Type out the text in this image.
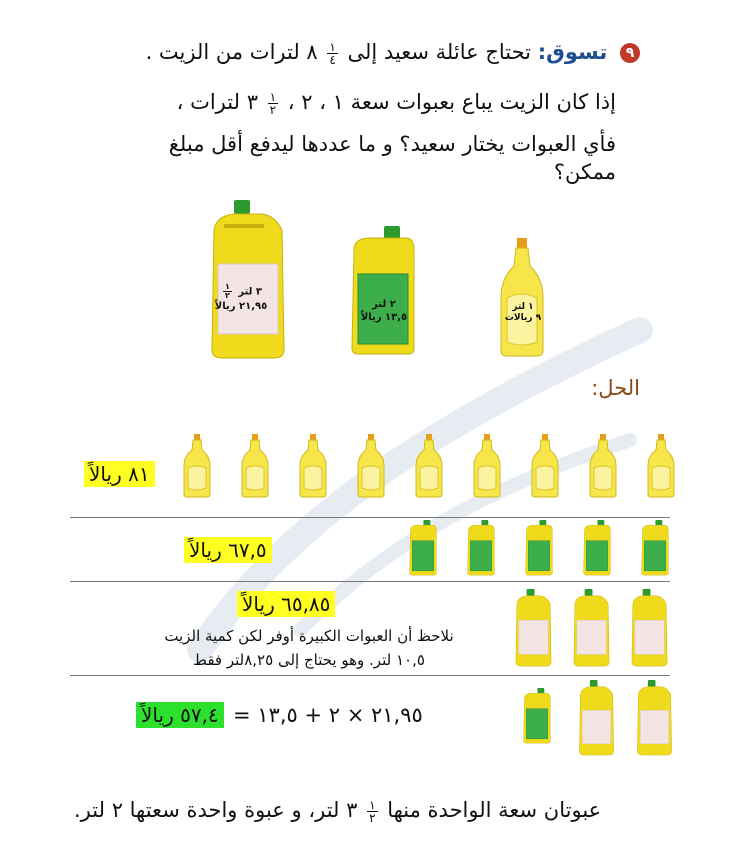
٩ تسوق: تحتاج عائلة سعيد إلى
$\frac{١}{٤}$
٨ لترات من الزيت .
إذا كان الزيت يباع بعبوات سعة ١ ، ٢ ،
$\frac{١}{٢}$
٣ لترات ،
فأي العبوات يختار سعيد؟ و ما عددها ليدفع أقل مبلغ
ممكن؟
٣ لتر
$\frac{١}{٢}$
٢١,٩٥ ريالاً	٢ لتر
١٣,٥ ريالاً
١ لتر
٩ ريالات
الحل:
٨١ ريالاً
٦٧,٥ ريالاً
٦٥,٨٥ ريالاً
نلاحظ أن العبوات الكبيرة أوفر لكن كمية الزيت
١٠,٥ لتر. وهو يحتاج إلى ٨,٢٥لتر فقط
٥٧,٤ ريالاً ٢١,٩٥ × ٢ + ١٣,٥ =
عبوتان سعة الواحدة منها
$\frac{١}{٢}$
٣ لتر، و عبوة واحدة سعتها ٢ لتر.
